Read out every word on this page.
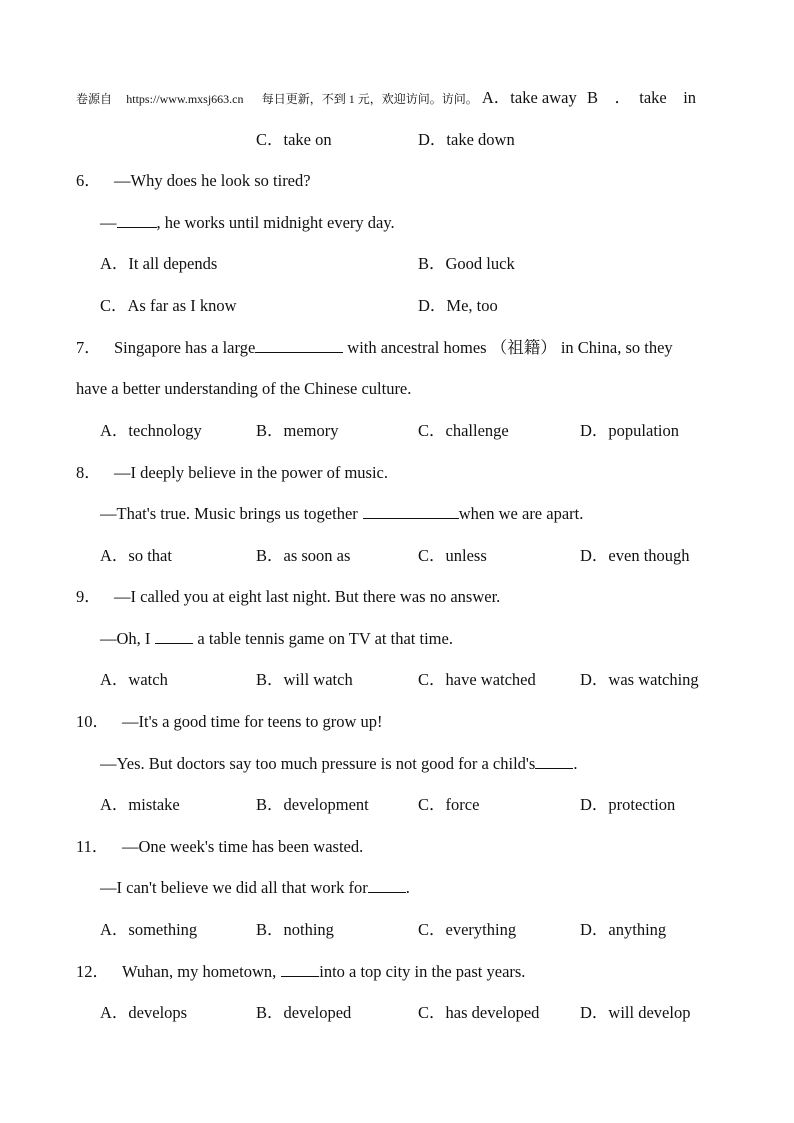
卷源自 https://www.mxsj663.cn 每日更新，不到 1 元，欢迎访问。访问。 A．take away B　．　take　in
C．take on	D．take down
6． —Why does he look so tired?
— , he works until midnight every day.
A．It all depends	B．Good luck
C．As far as I know	D．Me, too
7． Singapore has a large	with ancestral homes （祖籍） in China, so they
have a better understanding of the Chinese culture.
A．technology	B．memory	C．challenge	D．population
8． —I deeply believe in the power of music.
—That's true. Music brings us together	when we are apart.
A．so that	B．as soon as	C．unless	D．even though
9． —I called you at eight last night. But there was no answer.
—Oh, I	a table tennis game on TV at that time.
A．watch	B．will watch	C．have watched	D．was watching
10． —It's a good time for teens to grow up!
—Yes. But doctors say too much pressure is not good for a child's .
A．mistake	B．development	C．force	D．protection
11． —One week's time has been wasted.
—I can't believe we did all that work for .
A．something	B．nothing	C．everything	D．anything
12． Wuhan, my hometown,	into a top city in the past years.
A．develops	B．developed	C．has developed D．will develop
